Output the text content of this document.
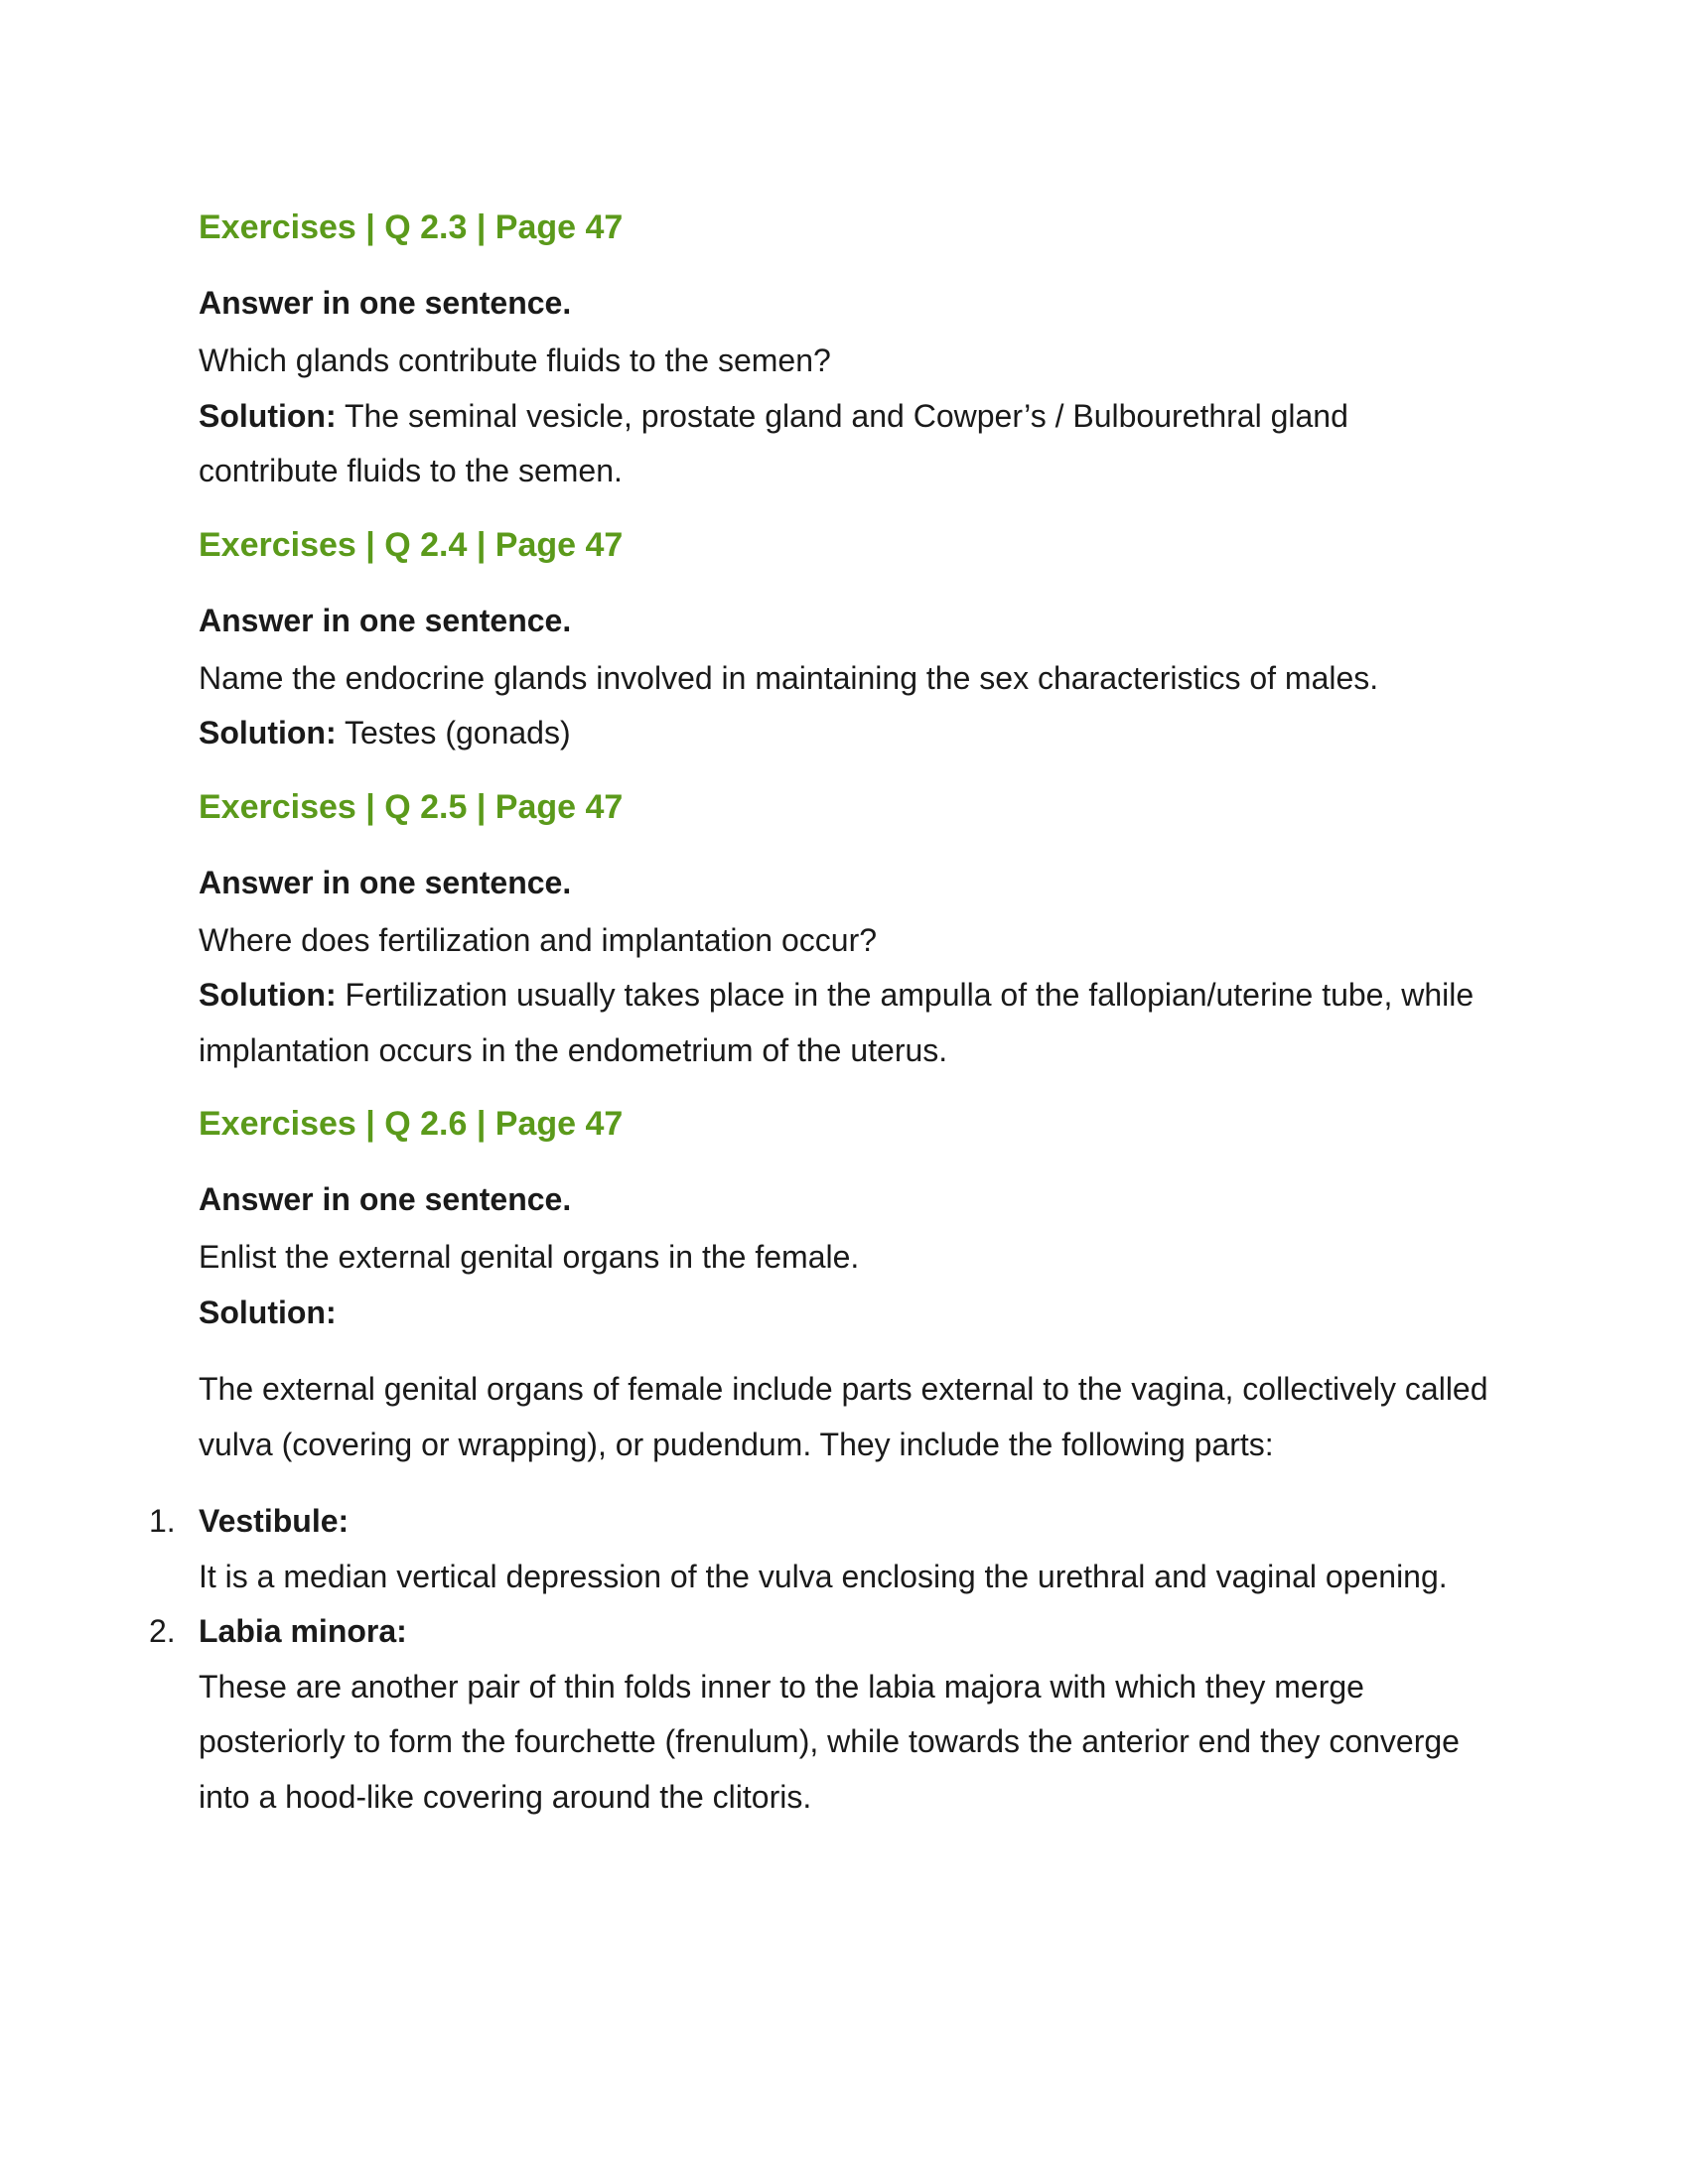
Exercises | Q 2.3 | Page 47
Answer in one sentence.

Which glands contribute fluids to the semen?

Solution: The seminal vesicle, prostate gland and Cowper’s / Bulbourethral gland contribute fluids to the semen.

Exercises | Q 2.4 | Page 47
Answer in one sentence.

Name the endocrine glands involved in maintaining the sex characteristics of males.

Solution: Testes (gonads)

Exercises | Q 2.5 | Page 47
Answer in one sentence.

Where does fertilization and implantation occur?

Solution: Fertilization usually takes place in the ampulla of the fallopian/uterine tube, while implantation occurs in the endometrium of the uterus.

Exercises | Q 2.6 | Page 47
Answer in one sentence.

Enlist the external genital organs in the female.

Solution:

The external genital organs of female include parts external to the vagina, collectively called vulva (covering or wrapping), or pudendum. They include the following parts:

1. Vestibule:
It is a median vertical depression of the vulva enclosing the urethral and vaginal opening.
2. Labia minora:
These are another pair of thin folds inner to the labia majora with which they merge posteriorly to form the fourchette (frenulum), while towards the anterior end they converge into a hood-like covering around the clitoris.
